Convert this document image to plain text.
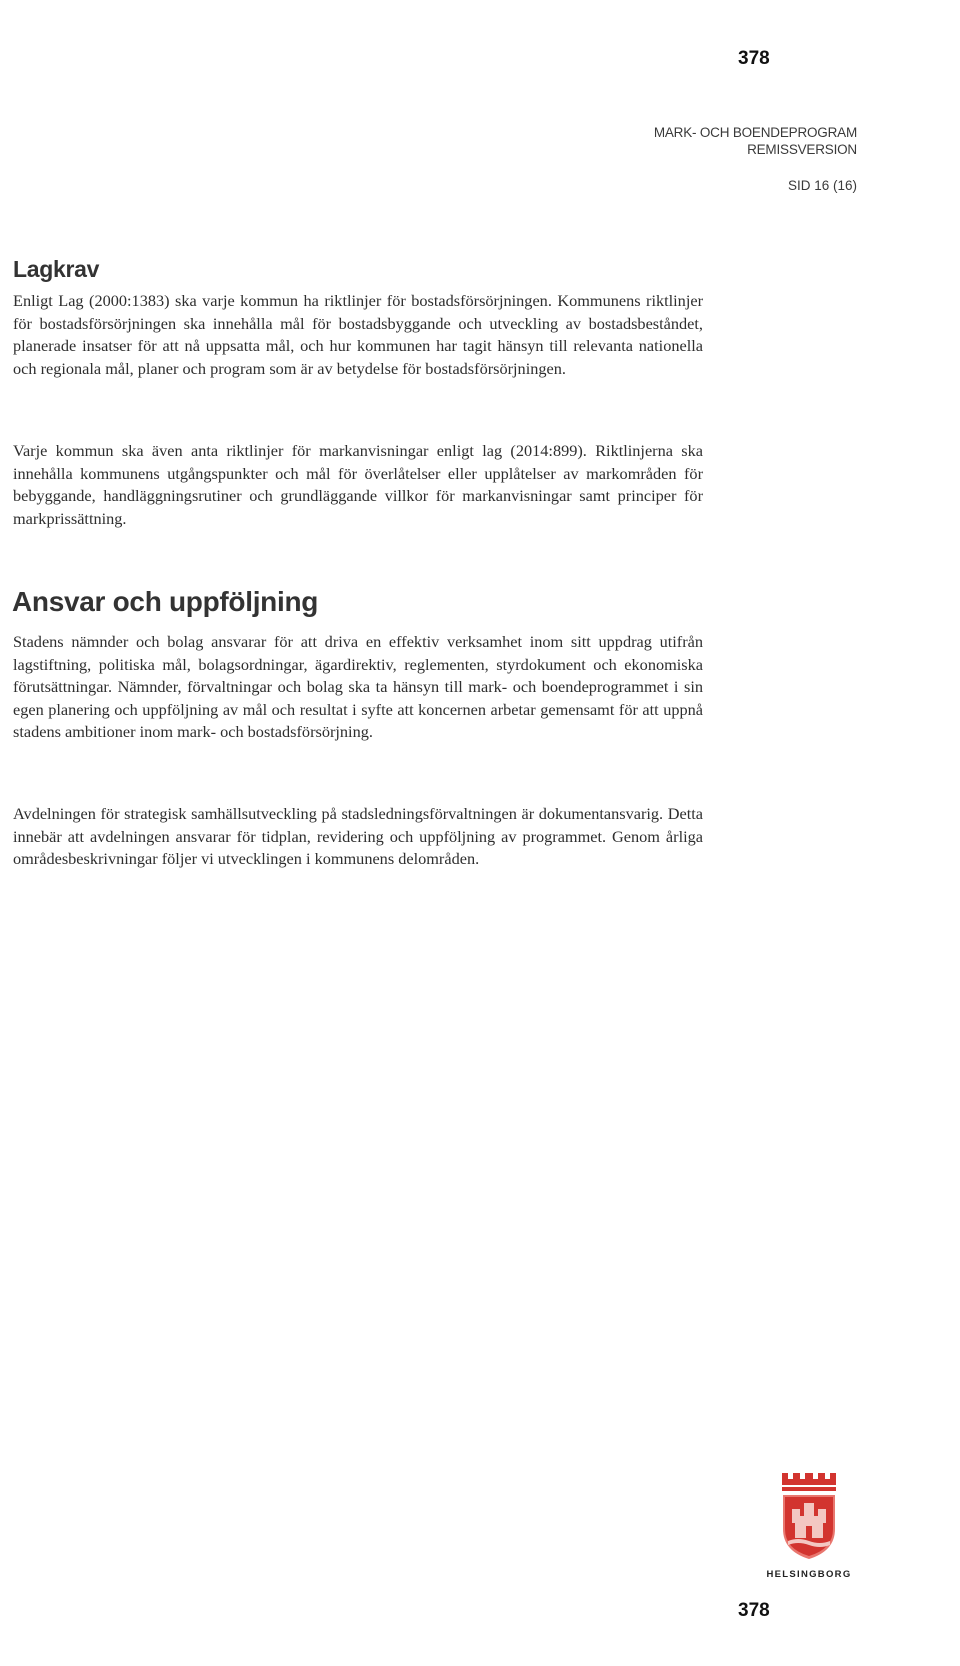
378
MARK- OCH BOENDEPROGRAM
REMISSVERSION
SID 16 (16)
Lagkrav

Enligt Lag (2000:1383) ska varje kommun ha riktlinjer för bostadsförsörjningen. Kommunens riktlinjer för bostadsförsörjningen ska innehålla mål för bostadsbyggande och utveckling av bostadsbeståndet, planerade insatser för att nå uppsatta mål, och hur kommunen har tagit hänsyn till relevanta nationella och regionala mål, planer och program som är av betydelse för bostadsförsörjningen.

Varje kommun ska även anta riktlinjer för markanvisningar enligt lag (2014:899). Riktlinjerna ska innehålla kommunens utgångspunkter och mål för överlåtelser eller upplåtelser av markområden för bebyggande, handläggningsrutiner och grundläggande villkor för markanvisningar samt principer för markprissättning.

Ansvar och uppföljning

Stadens nämnder och bolag ansvarar för att driva en effektiv verksamhet inom sitt uppdrag utifrån lagstiftning, politiska mål, bolagsordningar, ägardirektiv, reglementen, styrdokument och ekonomiska förutsättningar. Nämnder, förvaltningar och bolag ska ta hänsyn till mark- och boendeprogrammet i sin egen planering och uppföljning av mål och resultat i syfte att koncernen arbetar gemensamt för att uppnå stadens ambitioner inom mark- och bostadsförsörjning.

Avdelningen för strategisk samhällsutveckling på stadsledningsförvaltningen är dokumentansvarig. Detta innebär att avdelningen ansvarar för tidplan, revidering och uppföljning av programmet. Genom årliga områdesbeskrivningar följer vi utvecklingen i kommunens delområden.

HELSINGBORG
378
